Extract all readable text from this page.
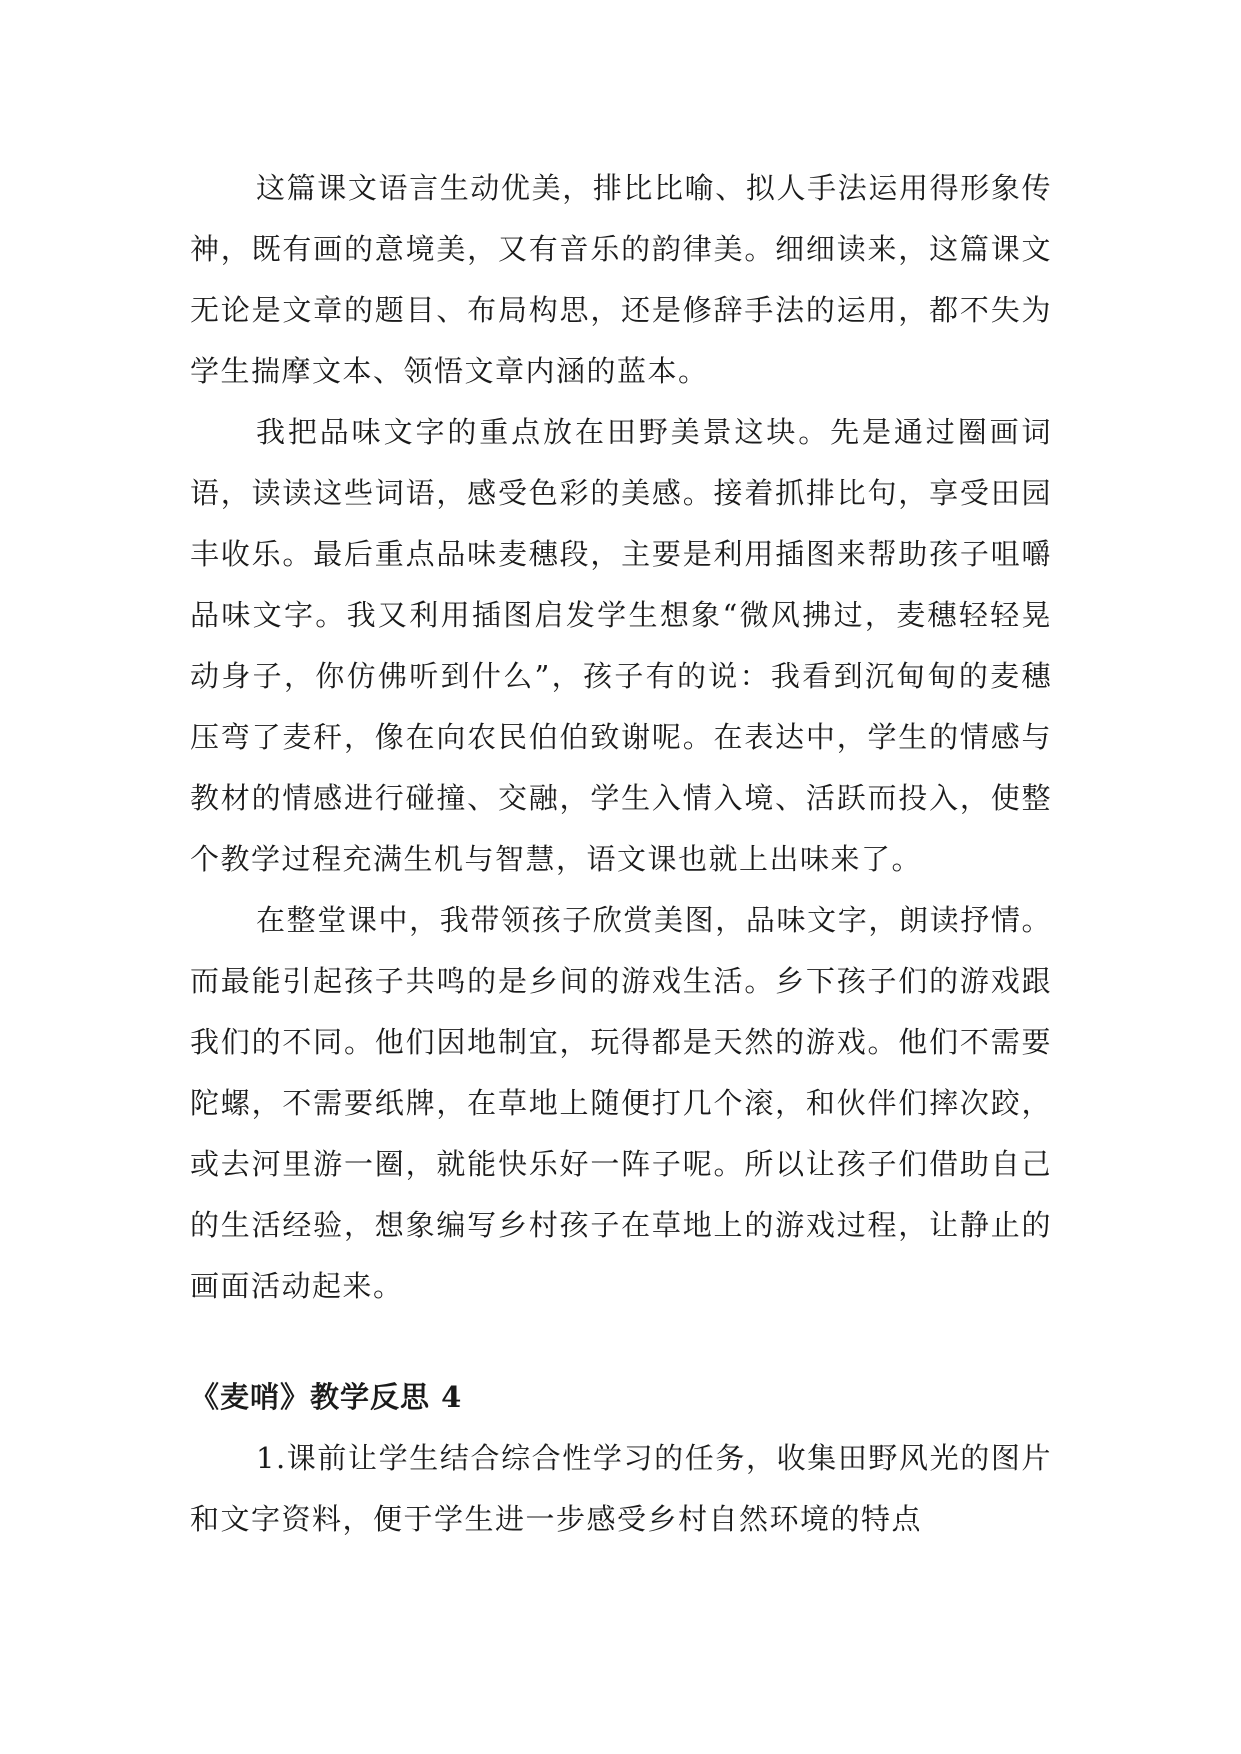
这篇课文语言生动优美，排比比喻、拟人手法运用得形象传神，既有画的意境美，又有音乐的韵律美。细细读来，这篇课文无论是文章的题目、布局构思，还是修辞手法的运用，都不失为学生揣摩文本、领悟文章内涵的蓝本。

我把品味文字的重点放在田野美景这块。先是通过圈画词语，读读这些词语，感受色彩的美感。接着抓排比句，享受田园丰收乐。最后重点品味麦穗段，主要是利用插图来帮助孩子咀嚼品味文字。我又利用插图启发学生想象“微风拂过，麦穗轻轻晃动身子，你仿佛听到什么”，孩子有的说：我看到沉甸甸的麦穗压弯了麦秆，像在向农民伯伯致谢呢。在表达中，学生的情感与教材的情感进行碰撞、交融，学生入情入境、活跃而投入，使整个教学过程充满生机与智慧，语文课也就上出味来了。

在整堂课中，我带领孩子欣赏美图，品味文字，朗读抒情。而最能引起孩子共鸣的是乡间的游戏生活。乡下孩子们的游戏跟我们的不同。他们因地制宜，玩得都是天然的游戏。他们不需要陀螺，不需要纸牌，在草地上随便打几个滚，和伙伴们摔次跤，或去河里游一圈，就能快乐好一阵子呢。所以让孩子们借助自己的生活经验，想象编写乡村孩子在草地上的游戏过程，让静止的画面活动起来。

《麦哨》教学反思 4

1.课前让学生结合综合性学习的任务，收集田野风光的图片和文字资料，便于学生进一步感受乡村自然环境的特点
